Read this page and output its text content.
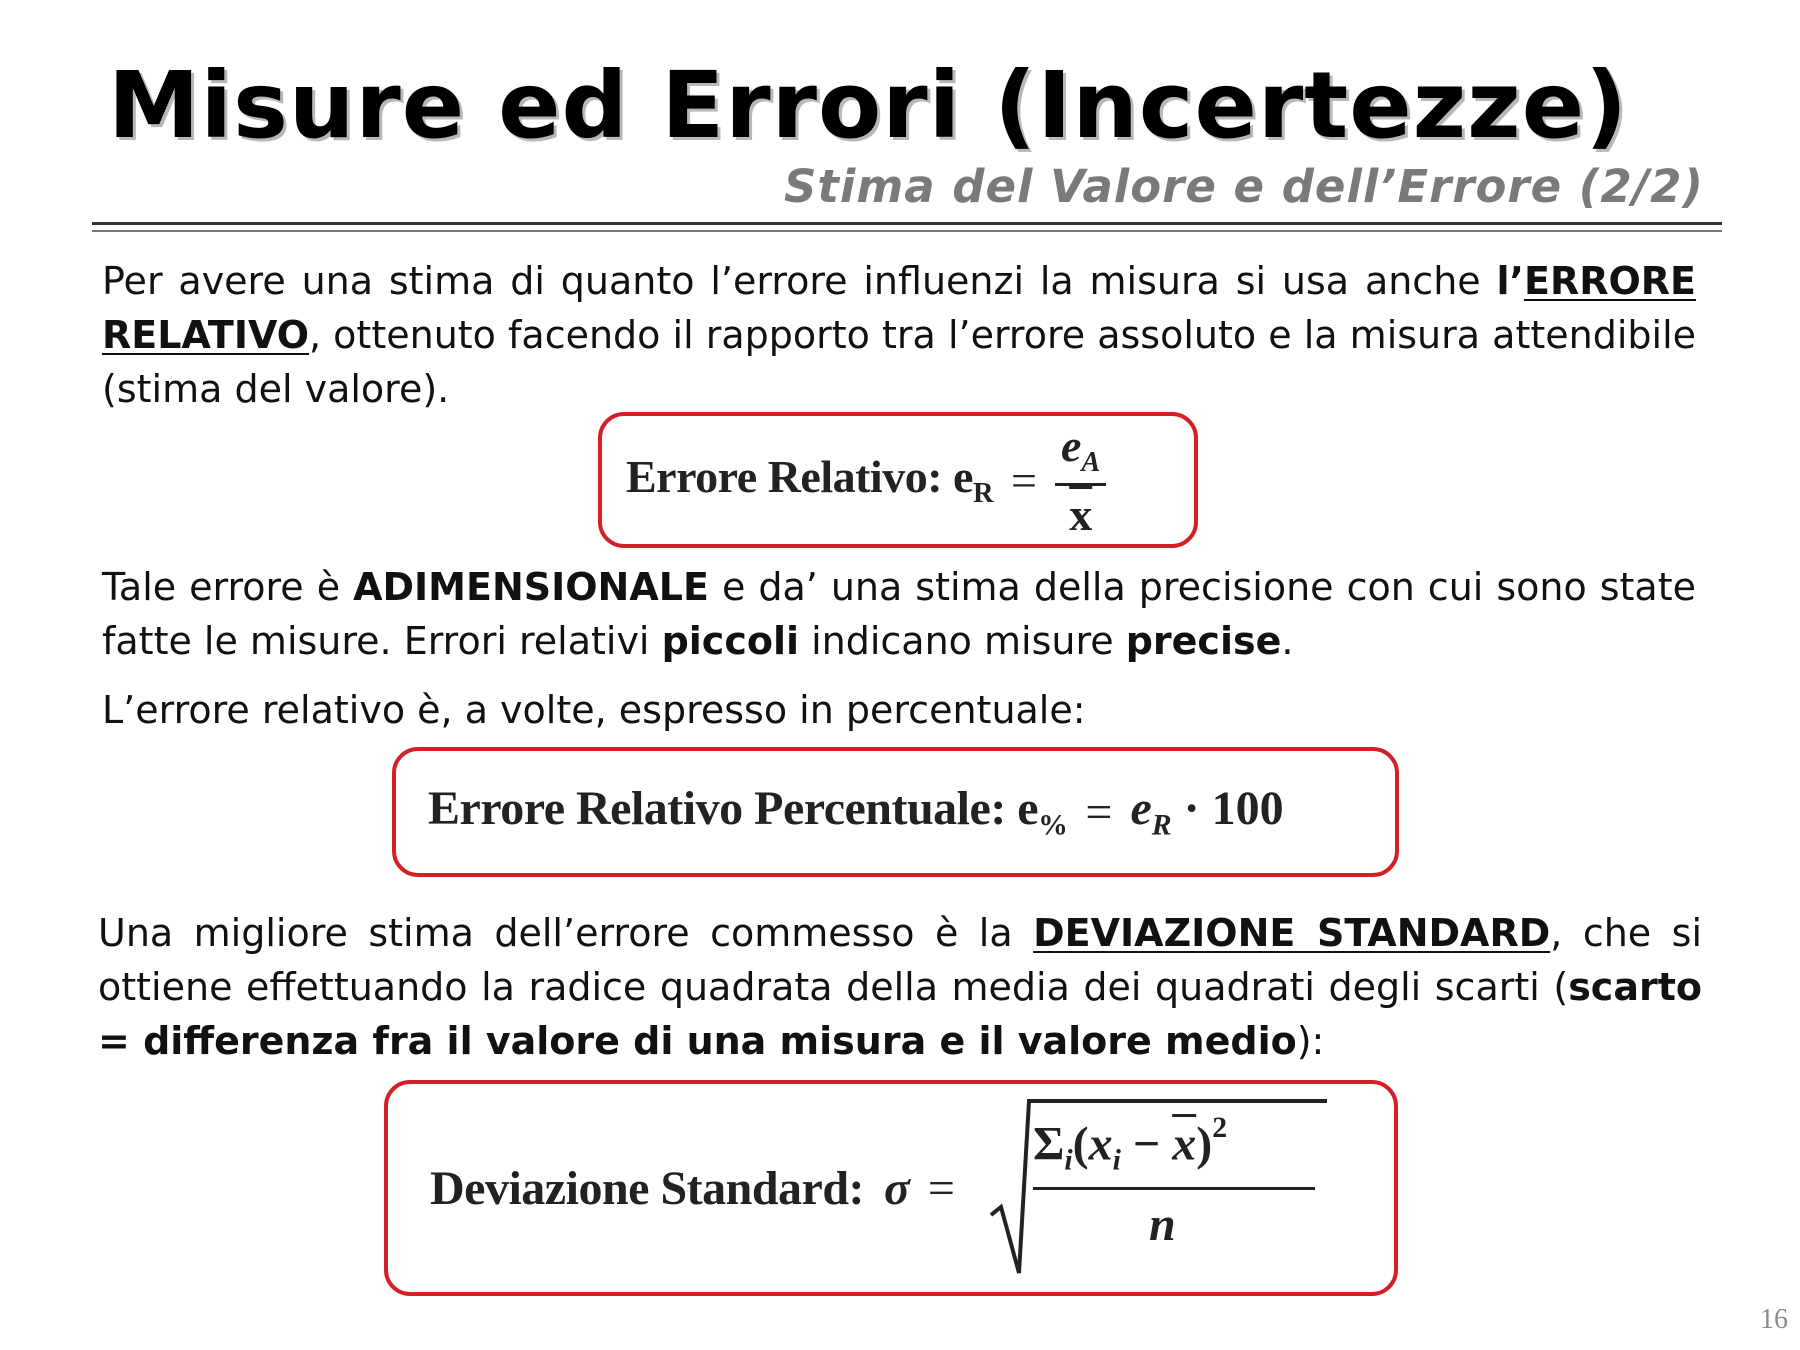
Misure ed Errori (Incertezze)
Stima del Valore e dell’Errore (2/2)
Per avere una stima di quanto l’errore influenzi la misura si usa anche l’ERRORE RELATIVO, ottenuto facendo il rapporto tra l’errore assoluto e la misura attendibile (stima del valore).
Errore Relativo: $e_R = \frac{e_A}{x}$
Tale errore è ADIMENSIONALE e da’ una stima della precisione con cui sono state fatte le misure. Errori relativi piccoli indicano misure precise.
L’errore relativo è, a volte, espresso in percentuale:
Errore Relativo Percentuale: $e_{\%} = e_R \cdot 100$
Una migliore stima dell’errore commesso è la DEVIAZIONE STANDARD, che si ottiene effettuando la radice quadrata della media dei quadrati degli scarti (scarto = differenza fra il valore di una misura e il valore medio):
Deviazione Standard: σ =
$\Sigma_i(x_i - \overline{x})^2$
n
16
